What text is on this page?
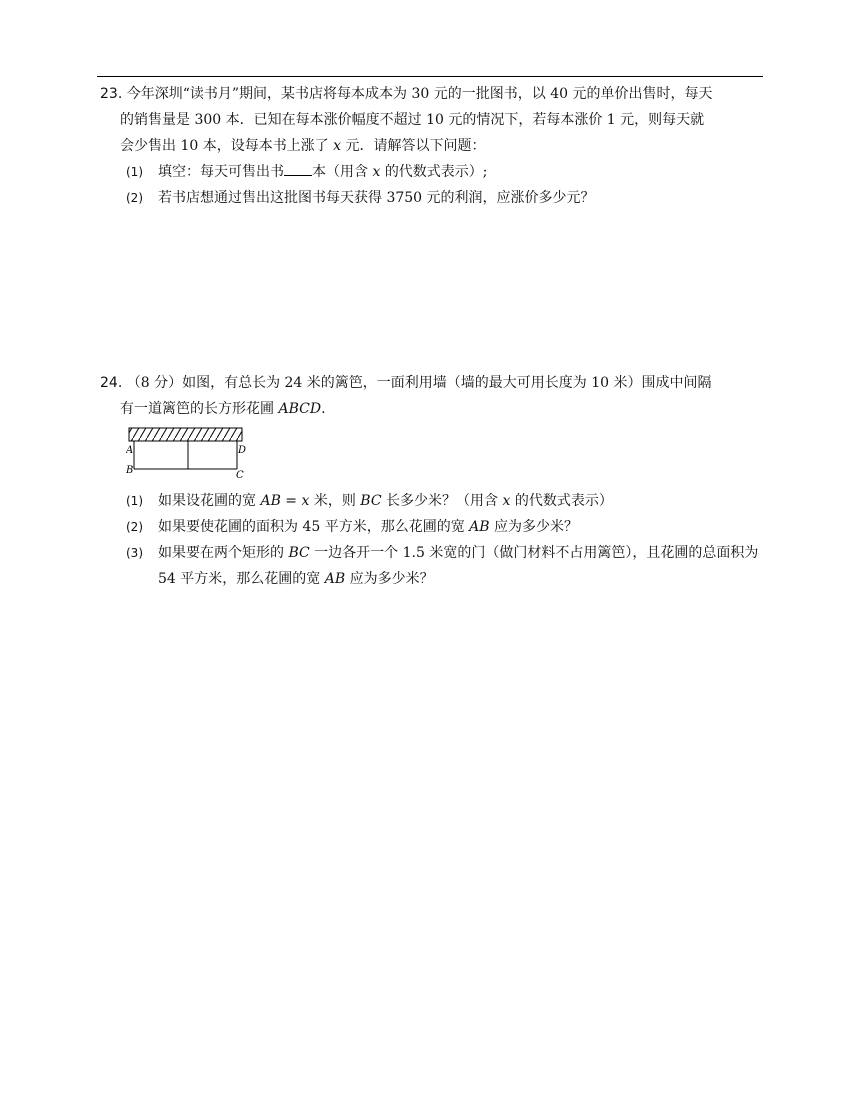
23. 今年深圳“读书月”期间，某书店将每本成本为 30 元的一批图书，以 40 元的单价出售时，每天

的销售量是 300 本．已知在每本涨价幅度不超过 10 元的情况下，若每本涨价 1 元，则每天就

会少售出 10 本，设每本书上涨了 x 元．请解答以下问题：

(1)	填空：每天可售出书 本（用含 x 的代数式表示）;
(2)	若书店想通过售出这批图书每天获得 3750 元的利润，应涨价多少元？

24. （8 分）如图，有总长为 24 米的篱笆，一面利用墙（墙的最大可用长度为 10 米）围成中间隔

有一道篱笆的长方形花圃 ABCD.

A	D
B	C
(1)	如果设花圃的宽 AB = x 米，则 BC 长多少米？（用含 x 的代数式表示）
(2)	如果要使花圃的面积为 45 平方米，那么花圃的宽 AB 应为多少米？
(3)	如果要在两个矩形的 BC 一边各开一个 1.5 米宽的门（做门材料不占用篱笆），且花圃的总面积为 54 平方米，那么花圃的宽 AB 应为多少米？
